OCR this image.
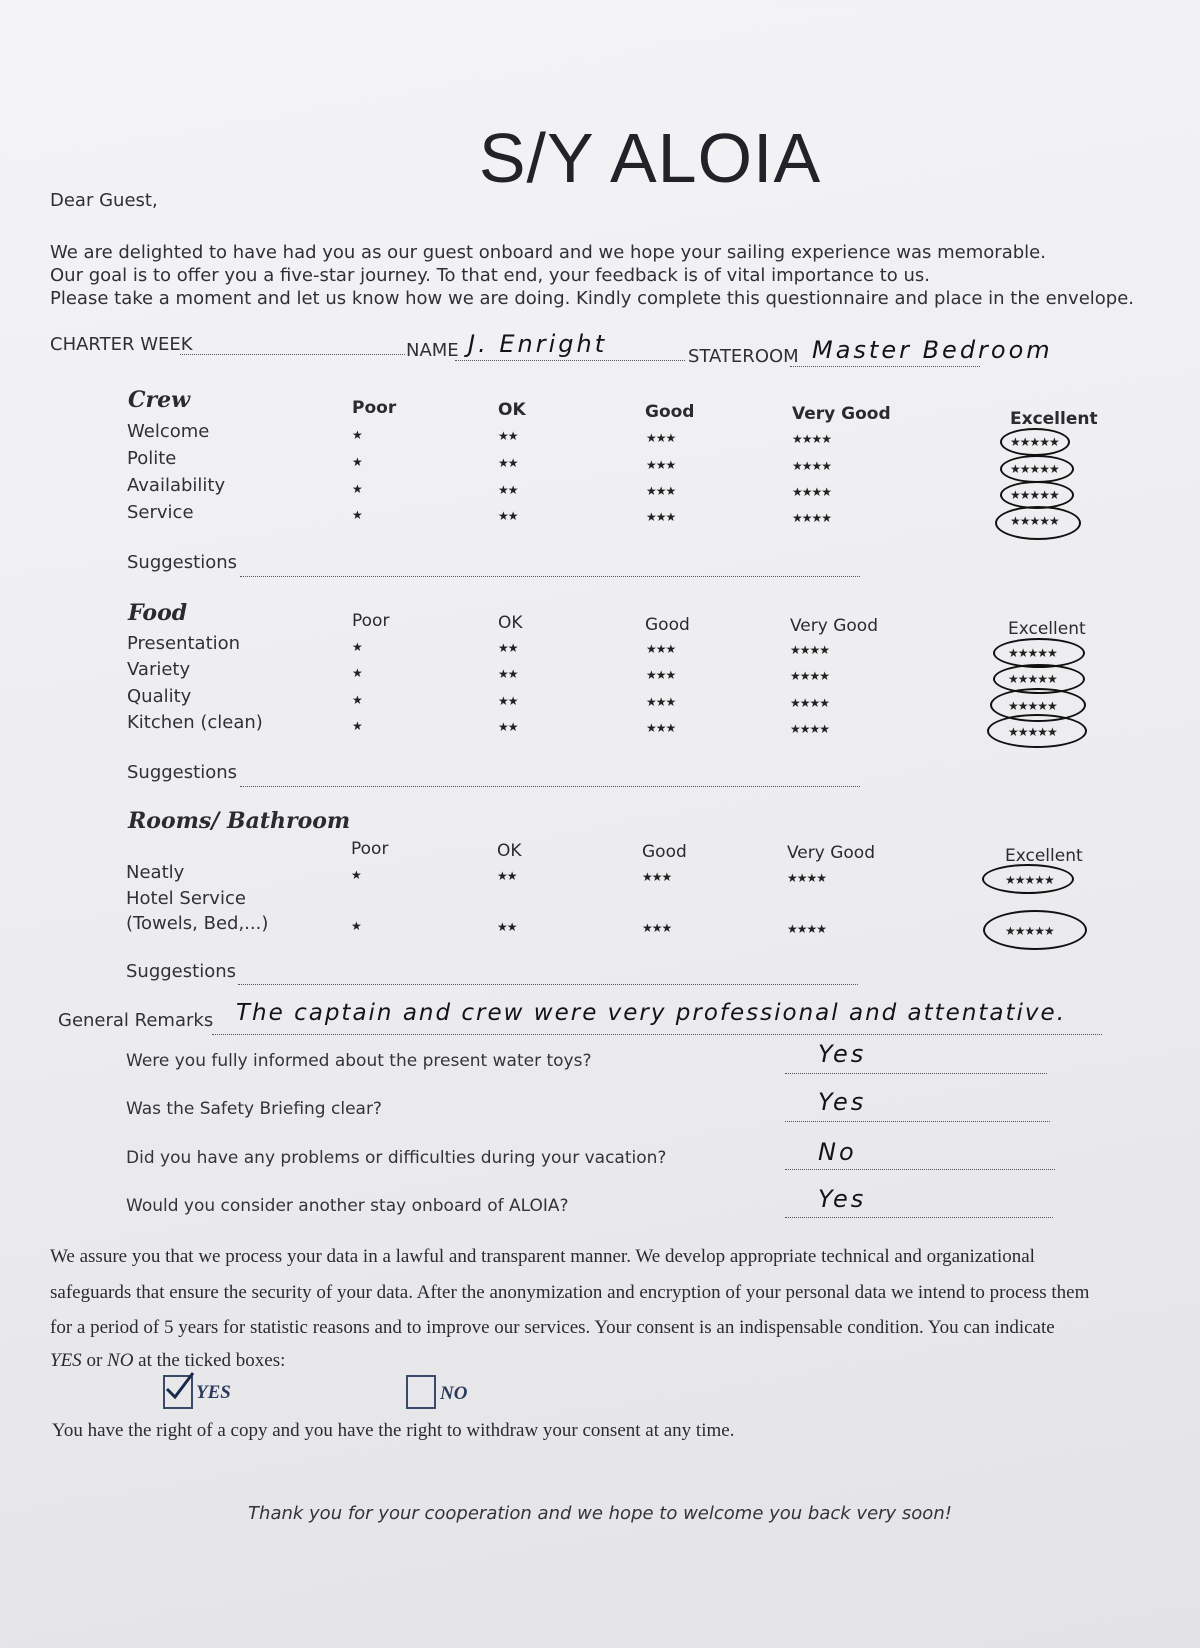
S/Y ALOIA
Dear Guest,
We are delighted to have had you as our guest onboard and we hope your sailing experience was memorable.
Our goal is to offer you a five-star journey. To that end, your feedback is of vital importance to us.
Please take a moment and let us know how we are doing. Kindly complete this questionnaire and place in the envelope.
CHARTER WEEK	NAME J. Enright	STATEROOM Master Bedroom
Crew	Poor	OK	Good	Very Good	Excellent
Welcome	★	★★	★★★	★★★★	★★★★★
Polite	★	★★	★★★	★★★★	★★★★★
Availability	★	★★	★★★	★★★★	★★★★★
Service	★	★★	★★★	★★★★	★★★★★
Suggestions
Food	Poor	OK	Good	Very Good	Excellent
Presentation	★	★★	★★★	★★★★	★★★★★
Variety	★	★★	★★★	★★★★	★★★★★
Quality	★	★★	★★★	★★★★	★★★★★
Kitchen (clean)	★	★★	★★★	★★★★	★★★★★
Suggestions
Rooms/ Bathroom
Poor	OK	Good	Very Good	Excellent
Neatly	★	★★	★★★	★★★★	★★★★★
Hotel Service
(Towels, Bed,...)	★	★★	★★★	★★★★	★★★★★
Suggestions
General Remarks The captain and crew were very professional and attentative.
Were you fully informed about the present water toys?	Yes
Was the Safety Briefing clear?	Yes
Did you have any problems or difficulties during your vacation?	No
Would you consider another stay onboard of ALOIA?	Yes
We assure you that we process your data in a lawful and transparent manner. We develop appropriate technical and organizational
safeguards that ensure the security of your data. After the anonymization and encryption of your personal data we intend to process them
for a period of 5 years for statistic reasons and to improve our services. Your consent is an indispensable condition. You can indicate
YES or NO at the ticked boxes:
YES	NO
You have the right of a copy and you have the right to withdraw your consent at any time.
Thank you for your cooperation and we hope to welcome you back very soon!
